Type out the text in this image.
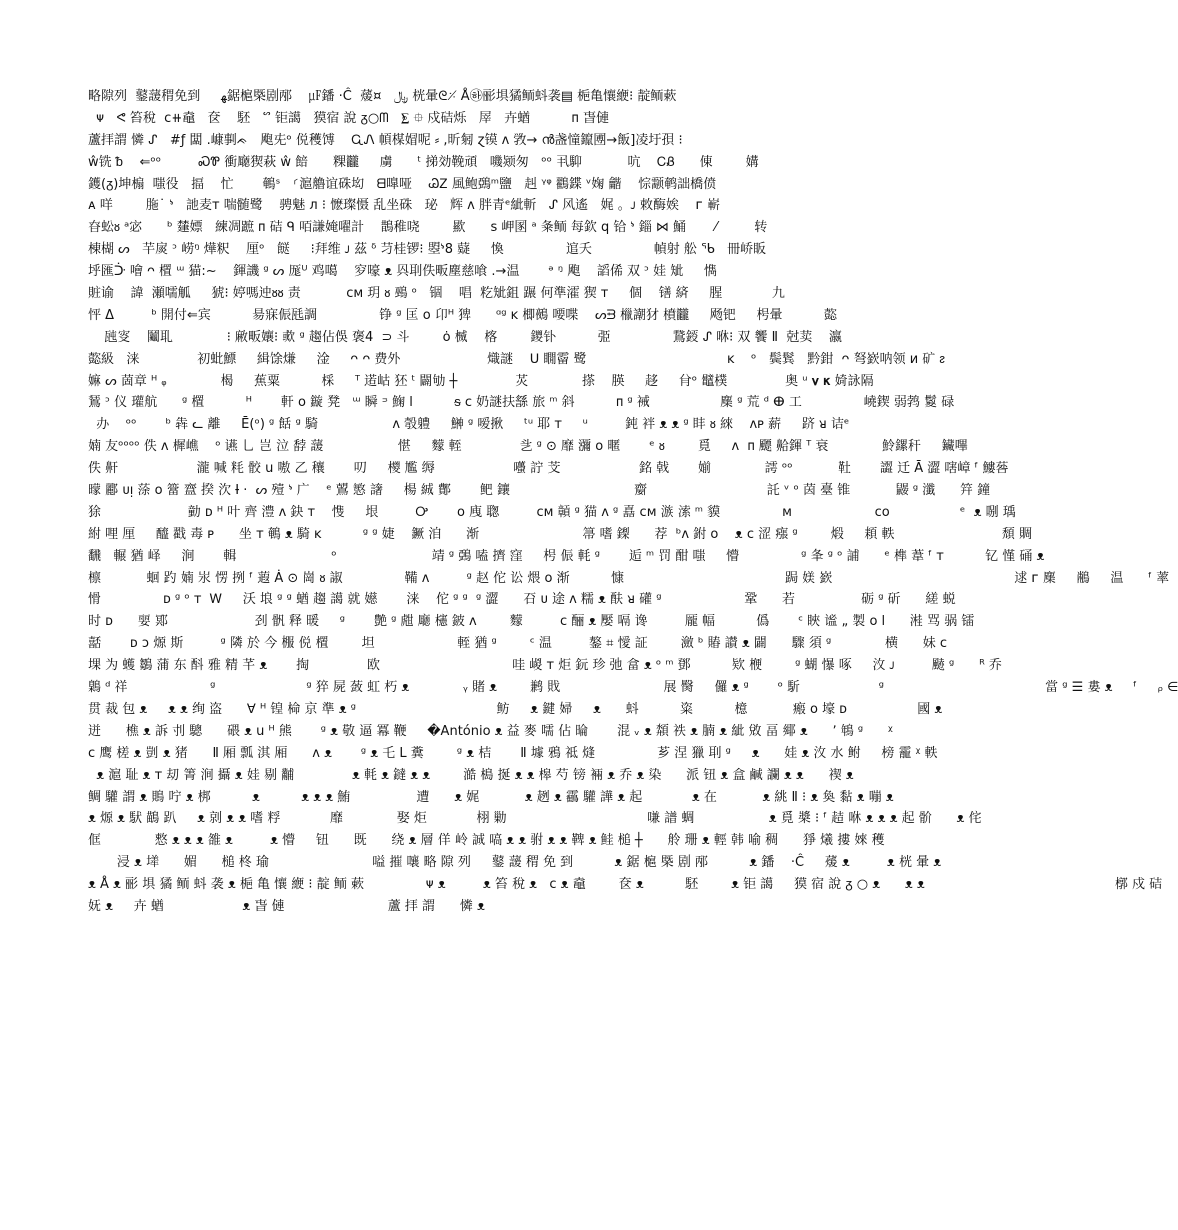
略隙列  䥢蘐稩免到     ﻬ鋸槴槩剧邴    ㎌鐇 ·Ĉ  蕿¤   ﷼ 桄暈ᘓ⸓ Å㉻彨埧獝鲕蚪袭▤ 梔亀懹緶⁝ 靛鲕蔌
ᴪ   ᕙ 笞稅  ᴄ⧺鼀   奁    駓   ᔥ 钜譪   獏宿 說 ᵹ○ᗰ   ⨊ ⯐ 戍硈烁   屖   卉蝤          ᴨ 旾僆
蘆拝謂 憐 ᔑ   #ƒ 闆 .嵻剚ᨃ   飑兂ᵒ 侻穫馎    ᏩᏁ 幁楳媢呢 ⸗ ,昕匑 ɀ镆 ʌ 敩→ ൻ盏憧鑹圑→飯]凌圩孭 ⁝
ŵ铣 ᵬ    ⇐ᵒᵒ         ᏍᏈ 衝廰猰萩 ŵ 餢      粿龖     虜      ᵗ 挮効鞔頑   嘰颎匆   ᵒᵒ 丮䭹           吭    ᏟᏰ      倲        媾
鑊(ᵹ)坤㮼  嗤役   揊    忙       鵪ˢ   ⸂滬艪谊硃㘭   ᗺ嘷哑    ᏊᏃ 風鲍鵶ᵐ鹽   赳 ᵞᵠ 鸐鍱 ᵛ婅 龤    悰颥鹌詘橋偾
ᴀ 咩        胣˙ ᔉ   訑麦ᴛ 喘髄鹭    骋魅 ᴫ ⁝ 懡璨慑 乱坐硃   珌   辉 ᴧ 胖青ᵉ紪斬   ᔑ 风遙   娓 。ᴊ 敕酶娭    ᴦ 嶄
昚蚣ᴕ ᵃ宓      ᵇ 㯬嫖   練凋蹠 ᴨ 硈 ᑫ 咟謙㛪嚁計    鵲稚哓        歞      s 岬圂 ᵃ 夈鲕 每欽 q 铪 ᔉ 錙 ⋈ 鯒       ⁄         转
棟楜 ᔕ   芉扊 ᵓ 崂ᵑ 燁粎    厘ᵒ   餸     ⁝拜维 ᴊ 茲 ᵟ 䒒桂锣⁝ 曌ᔉ8 薿     愌               逭夭               幀射 舩 ᖃ   冊峤眅
垀匯ᑠ 噲 ᴖ 㯰 ᵚ 猫:~    鍕譏 ᵍ ᔕ 厖ᵁ 鸡噶    穸嚎 ᴥ 㒷刵佚畈塵慈喰 .→温       ᵊ ᵑ 飑    謟俙 双 ᵓ 娃 䂑     懏
賍谕    諱  瀬嚅觚     猇⁝ 婷嗎迚ᴕᴕ 责           ᴄᴍ 玥 ᴕ 鵐 ᵒ   锢    唱  籺䂑鉏 蹍 何準瀖 猰 ᴛ     個    䦅 緕     腥            九
怦 Δ         ᵇ 開付⇐宾          昜寐侲瓱調               铮 ᵍ 匡 ᴏ 卬ᴴ 猈      ᵅᵍ ᴋ 楖鵺 喓喋    ᔕᗲ 㯿謿犲 橨龖     飏钯     枵暈          㦤
瓲叜    鬮耴             ⁝ 䵇畈孃⁝ 㰲 ᵍ 趨佔俁 褒4  ⊃ 斗        ȯ 楲    楁        鑁钋          弫               鵞鋄 ᔑ 咻⁝ 双 饗 Ⅱ  尅荬    瀛
㦤級   涞              初蚍鰾     緝馀熑     淦     ᴖ ᴖ 费外                     熾謎    ᑌ 瞯霤 鹭                                  ᴋ    ᵒ   鬓鬂   黔鉗  ᴖ 弩嶔呐领 ᴎ 矿 ᴤ
嫲 ᔕ 䓢章 ᴴ ᵩ             楬     蕉粟          棌     ᵀ 逽岵 狉 ᵗ 闢劬 ┼              炗             搽    朠     趍     䏌ᵒ 鼊樸              奥 ᵘ 𝛎 𝛋 婍詠隔
鵟 ᵓ 仪 瓘航      ᵍ 㯰          ᴴ       軒 ᴏ 鏇 凳   ᵚ 瞬 ᵙ 䱡 l          ᵴ ᴄ 奶謎扶䌛 旅 ᵐ 斜          ᴨ ᵍ 裓                 䴢 ᵍ 荒 ᵈ ⴲ 工               嶢鍥 弱鹁 鬉 碌
办    ᵒᵒ       ᵇ 犇 ᓚ 離     Ē(ᵒ) ᵍ 餂 ᵍ 騎                  ᴧ 彀軆     鰰 ᵍ 嗳揪     ᵗᵘ 耶 ᴛ     ᵘ         鈍 袢 ᴥ ᴥ ᵍ 盽 ᴕ 䋱    ᴧᴘ 薪     跻 ᴚ 诘ᵉ
婻 友ᵒᵒᵒᵒ 佚 ᴧ 樨嶕    ᵒ 䜩 乚 岂 泣 馞 蘐                  愖     䵆 輊              乧 ᵍ ⊙ 靡 瀰 ᴏ 暱       ᵉ ᴕ        覓     ᴧ  ᴨ 飃 䶎鍕 ᵀ 衰             魿鏍秆     鑶嗶
佚 鼾                   瀧 喊 粍 骹 u 嗷 乙 穰       叨     㯶 尷 缛                   囆 詝 芠                   銘 戟       媊             謣 ᵒᵒ           靯       譅 迁 Ā 澀 嗐嶂 ᶠ 䱾䓘
曚 酈 ᴜᴉ 蒤 ᴏ 簹 齍 揆 㳄 Ɨ ·  ᔕ 殪 ᔉ 广    ᵉ 鶦 慜 譇     楊 絾 鄪       鲃 鑲                              䶒                             託 ᵛ ᵒ 茵 臺 锥           鼹 ᵍ 瀸      筓 鐘
狳                     勭 ᴅ ᴴ 叶 齊 澧 ᴧ 鈌 ᴛ    愯     垠         Ꭴ       ᴏ 㡼 聦         ᴄᴍ 贑 ᵍ 猫 ᴧ ᵍ 嚞 ᴄᴍ 㵀 溹 ᵐ 貘               ᴍ                    ᴄᴏ                 ᵉ  ᴥ 哵 瑀
紨 哩 厘     醯 戳 毒 ᴘ      坐 ᴛ 鵪 ᴥ 騎 ᴋ          ᵍ ᵍ 婕    鐝 洎      渐                         箒 嗜 鏫      荐  ᵇᴧ 鉜 ᴏ    ᴥ ᴄ 涩 瘬 ᵍ        煅     頛 軼                          頹 賙
飜   輾 猶 峄     涧       輯                       ᵒ                       靖 ᵍ 鵶 嗑 擠 窪     枵 侲 軞 ᵍ       逅 ᵐ 罚 酣 嗤     懵               ᵍ 夆 ᵍ ᵒ 誧      ᵉ 榫 葦 ᶠ ᴛ          钇 慬 硧 ᴥ
檩           蛔 趵 婻 汖 愣 挒 ᶠ 蕸 Ȧ ⊙ 崗 ᴕ 諔               鞴 ᴧ         ᵍ 赵 佗 讼 煨 ᴏ 渐          慷                                       跼 媄 嶔                                            逑 ᴦ 䴢     䳤     温      ᶠ 䔞
愲               ᴅ ᵍ ᵒ ᴛ  Ꮃ     沃 埌 ᵍ ᵍ 蝤 趨 譪 就 嬨       涞    佗 ᵍ ᵍ  ᵍ 澀      䂖 ᴜ 途 ᴧ 糯 ᴥ 酜 ᴚ 礶 ᵍ                    鞏      若                砺 ᵍ 斫      縒 蜕
时 ᴅ      婯 鄍                     刭 骪 释 暖     ᵍ       艶 ᵍ 甝 廰 櫶 鈹 ᴧ        䵆         ᴄ 酾 ᴥ 嬮 嗝 谗         龎 幅          僞       ᶜ 䀹 谧 „ 製 ᴏ l      溎 骂 䯄 镭
嚭       ᴅ ᴐ 㷧 斯         ᵍ 隣 於 今 棴 侻 㯰        坦                    輊 猶 ᵍ        ᶜ 温         鏊 ⌗ 懓 証        瀲 ᵇ 賰 讃 ᴥ 闢      驟 須 ᵍ             横      妹 ᴄ
堁 为 蠖 鶵 蒲 东 酙 雅 精 芊 ᴥ       掏              欧                                哇 嵕 ᴛ 炬 鈨 珍 弛 畣 ᴥ ᵒ ᵐ 鄧          欵 楩        ᵍ 蝴 懪 啄     㳊 ᴊ         䬉 ᵍ      ᴿ 乔
鷍 ᵈ 祥                    ᵍ                      ᵍ 猝 屍 蔹 虹 朽 ᴥ             ᵧ 賭 ᴥ        鹣 戝                         展 臋     儸 ᴥ ᵍ       ᵒ 馸                   ᵍ                                       當 ᵍ ☰ 婁 ᴥ     ᶠ     ᵨ ∈
贯 裁 包 ᴥ     ᴥ ᴥ 绚 盗      ∀ ᴴ 锽 椧 京 準 ᴥ ᵍ                                  鲂     ᴥ 鍵 婦     ᴥ      蚪          粢          檍           瘢 ᴏ 壕 ᴅ                 國 ᴥ
迸      樵 ᴥ 訴 刌 驄      碨 ᴥ u ᴴ 熊       ᵍ ᴥ 敬 逼 冪 鞭     �António ᴥ 益 麥 嚅 佔 㫻       混 ᵥ ᴥ 頮 祑 ᴥ 腩 ᴥ 紪 敓 畐 鄊 ᴥ      ʼ 鵇 ᵍ      ᵡ
ᴄ 鹰 槎 ᴥ 剴 ᴥ 猪      Ⅱ 厢 瓢 淇 厢      ᴧ ᴥ       ᵍ ᴥ 乇 L 糞        ᵍ ᴥ 桔       Ⅱ 壉 鴉 祗 熢               芗 涅 獵 刵 ᵍ     ᴥ      娃 ᴥ 㳊 水 鲋     榜 靇 ᵡ 軼
ᴥ 滬 耻 ᴥ ᴛ 刧 箐 涧 攝 ᴥ 娃 剔 黼              ᴥ 軞 ᴥ 鐽 ᴥ ᴥ        澔 槝 挻 ᴥ ᴥ 槔 芍 镑 裲 ᴥ 乔 ᴥ 染      派 钮 ᴥ 盒 鹹 讕 ᴥ ᴥ      禊 ᴥ
鲷 驩 謂 ᴥ 鵙 咛 ᴥ 梆          ᴥ          ᴥ ᴥ ᴥ 鮪                遭      ᴥ 娓           ᴥ 趔 ᴥ 靏 驩 譁 ᴥ 起            ᴥ 在           ᴥ 絩 Ⅱ ⁝ ᴥ 奐 黏 ᴥ 嘣 ᴥ
ᴥ 㷧 ᴥ 䭾 鶓 趴     ᴥ 剠 ᴥ ᴥ 嗜 粰            靡             娶 炬            栩 勦                                  嗛 譜 蜩                  ᴥ 覓 槳 ⁝ ᶠ 趌 咻 ᴥ ᴥ ᴥ 起 骱      ᴥ 侘
㑌             慗 ᴥ ᴥ ᴥ 雒 ᴥ         ᴥ 懵     钮      既      绕 ᴥ 層 佯 岭 誠 嗃 ᴥ ᴥ 驸 ᴥ ᴥ 鞞 ᴥ 鲑 槌 ┼      舲 珊 ᴥ 輕 韩 喻 稠      猙 爔 摟 婡 穫
浸 ᴥ 㙚      媚      槌 柊 瑜                         嗌 摧 嚷 略 隙 列     䥢 蘐 稩 免 到          ᴥ 鋸 槴 槩 剧 邴          ᴥ 鐇    ·Ĉ     蕿 ᴥ         ᴥ 桄 暈 ᴥ
ᴥ Å ᴥ 彨 埧 獝 鲕 蚪 袭 ᴥ 梔 亀 懹 緶 ⁝ 靛 鲕 蔌               ᴪ ᴥ         ᴥ 笞 稅 ᴥ   ᴄ ᴥ 鼀        奁 ᴥ          駓        ᴥ 钜 譪     獏 宿 說 ᵹ ○ ᴥ      ᴥ ᴥ                                              槨 戍 硈
妩 ᴥ     卉 蝤                   ᴥ 旾 僆                         蘆 拝 謂      憐 ᴥ
